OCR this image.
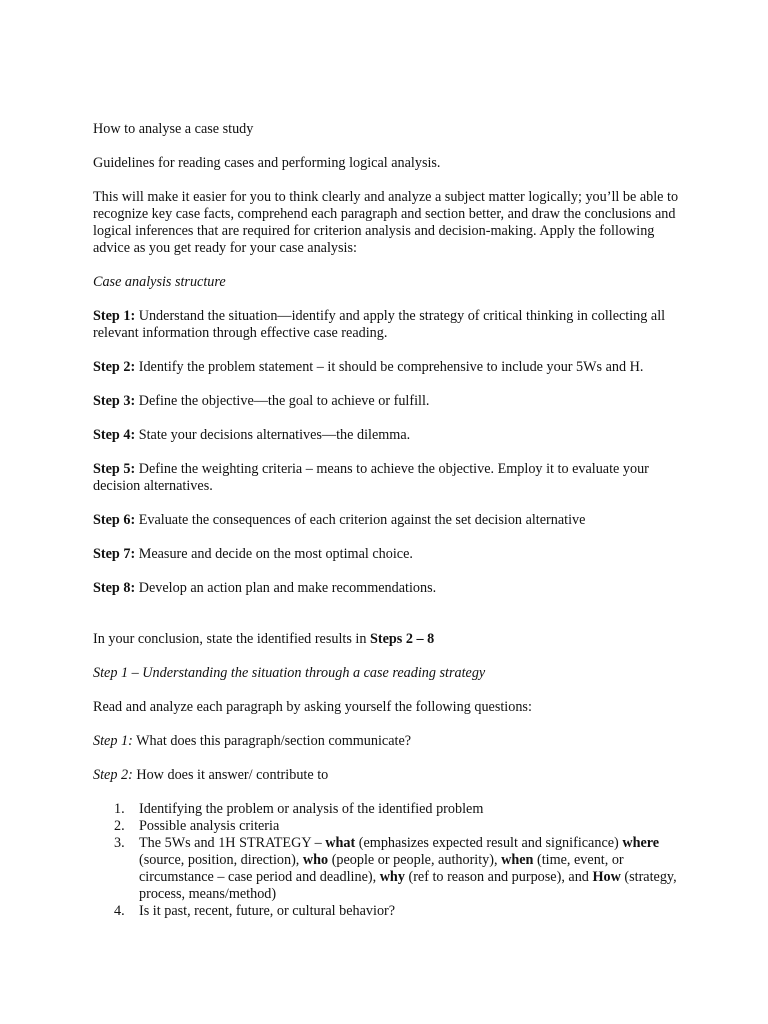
How to analyse a case study

Guidelines for reading cases and performing logical analysis.

This will make it easier for you to think clearly and analyze a subject matter logically; you’ll be able to recognize key case facts, comprehend each paragraph and section better, and draw the conclusions and logical inferences that are required for criterion analysis and decision-making. Apply the following advice as you get ready for your case analysis:

Case analysis structure

Step 1: Understand the situation—identify and apply the strategy of critical thinking in collecting all relevant information through effective case reading.

Step 2: Identify the problem statement – it should be comprehensive to include your 5Ws and H.

Step 3: Define the objective—the goal to achieve or fulfill.

Step 4: State your decisions alternatives—the dilemma.

Step 5: Define the weighting criteria – means to achieve the objective. Employ it to evaluate your decision alternatives.

Step 6: Evaluate the consequences of each criterion against the set decision alternative

Step 7: Measure and decide on the most optimal choice.

Step 8: Develop an action plan and make recommendations.

In your conclusion, state the identified results in Steps 2 – 8

Step 1 – Understanding the situation through a case reading strategy

Read and analyze each paragraph by asking yourself the following questions:

Step 1: What does this paragraph/section communicate?

Step 2: How does it answer/ contribute to

1. Identifying the problem or analysis of the identified problem
2. Possible analysis criteria
3. The 5Ws and 1H STRATEGY – what (emphasizes expected result and significance) where (source, position, direction), who (people or people, authority), when (time, event, or circumstance – case period and deadline), why (ref to reason and purpose), and How (strategy, process, means/method)
4. Is it past, recent, future, or cultural behavior?
